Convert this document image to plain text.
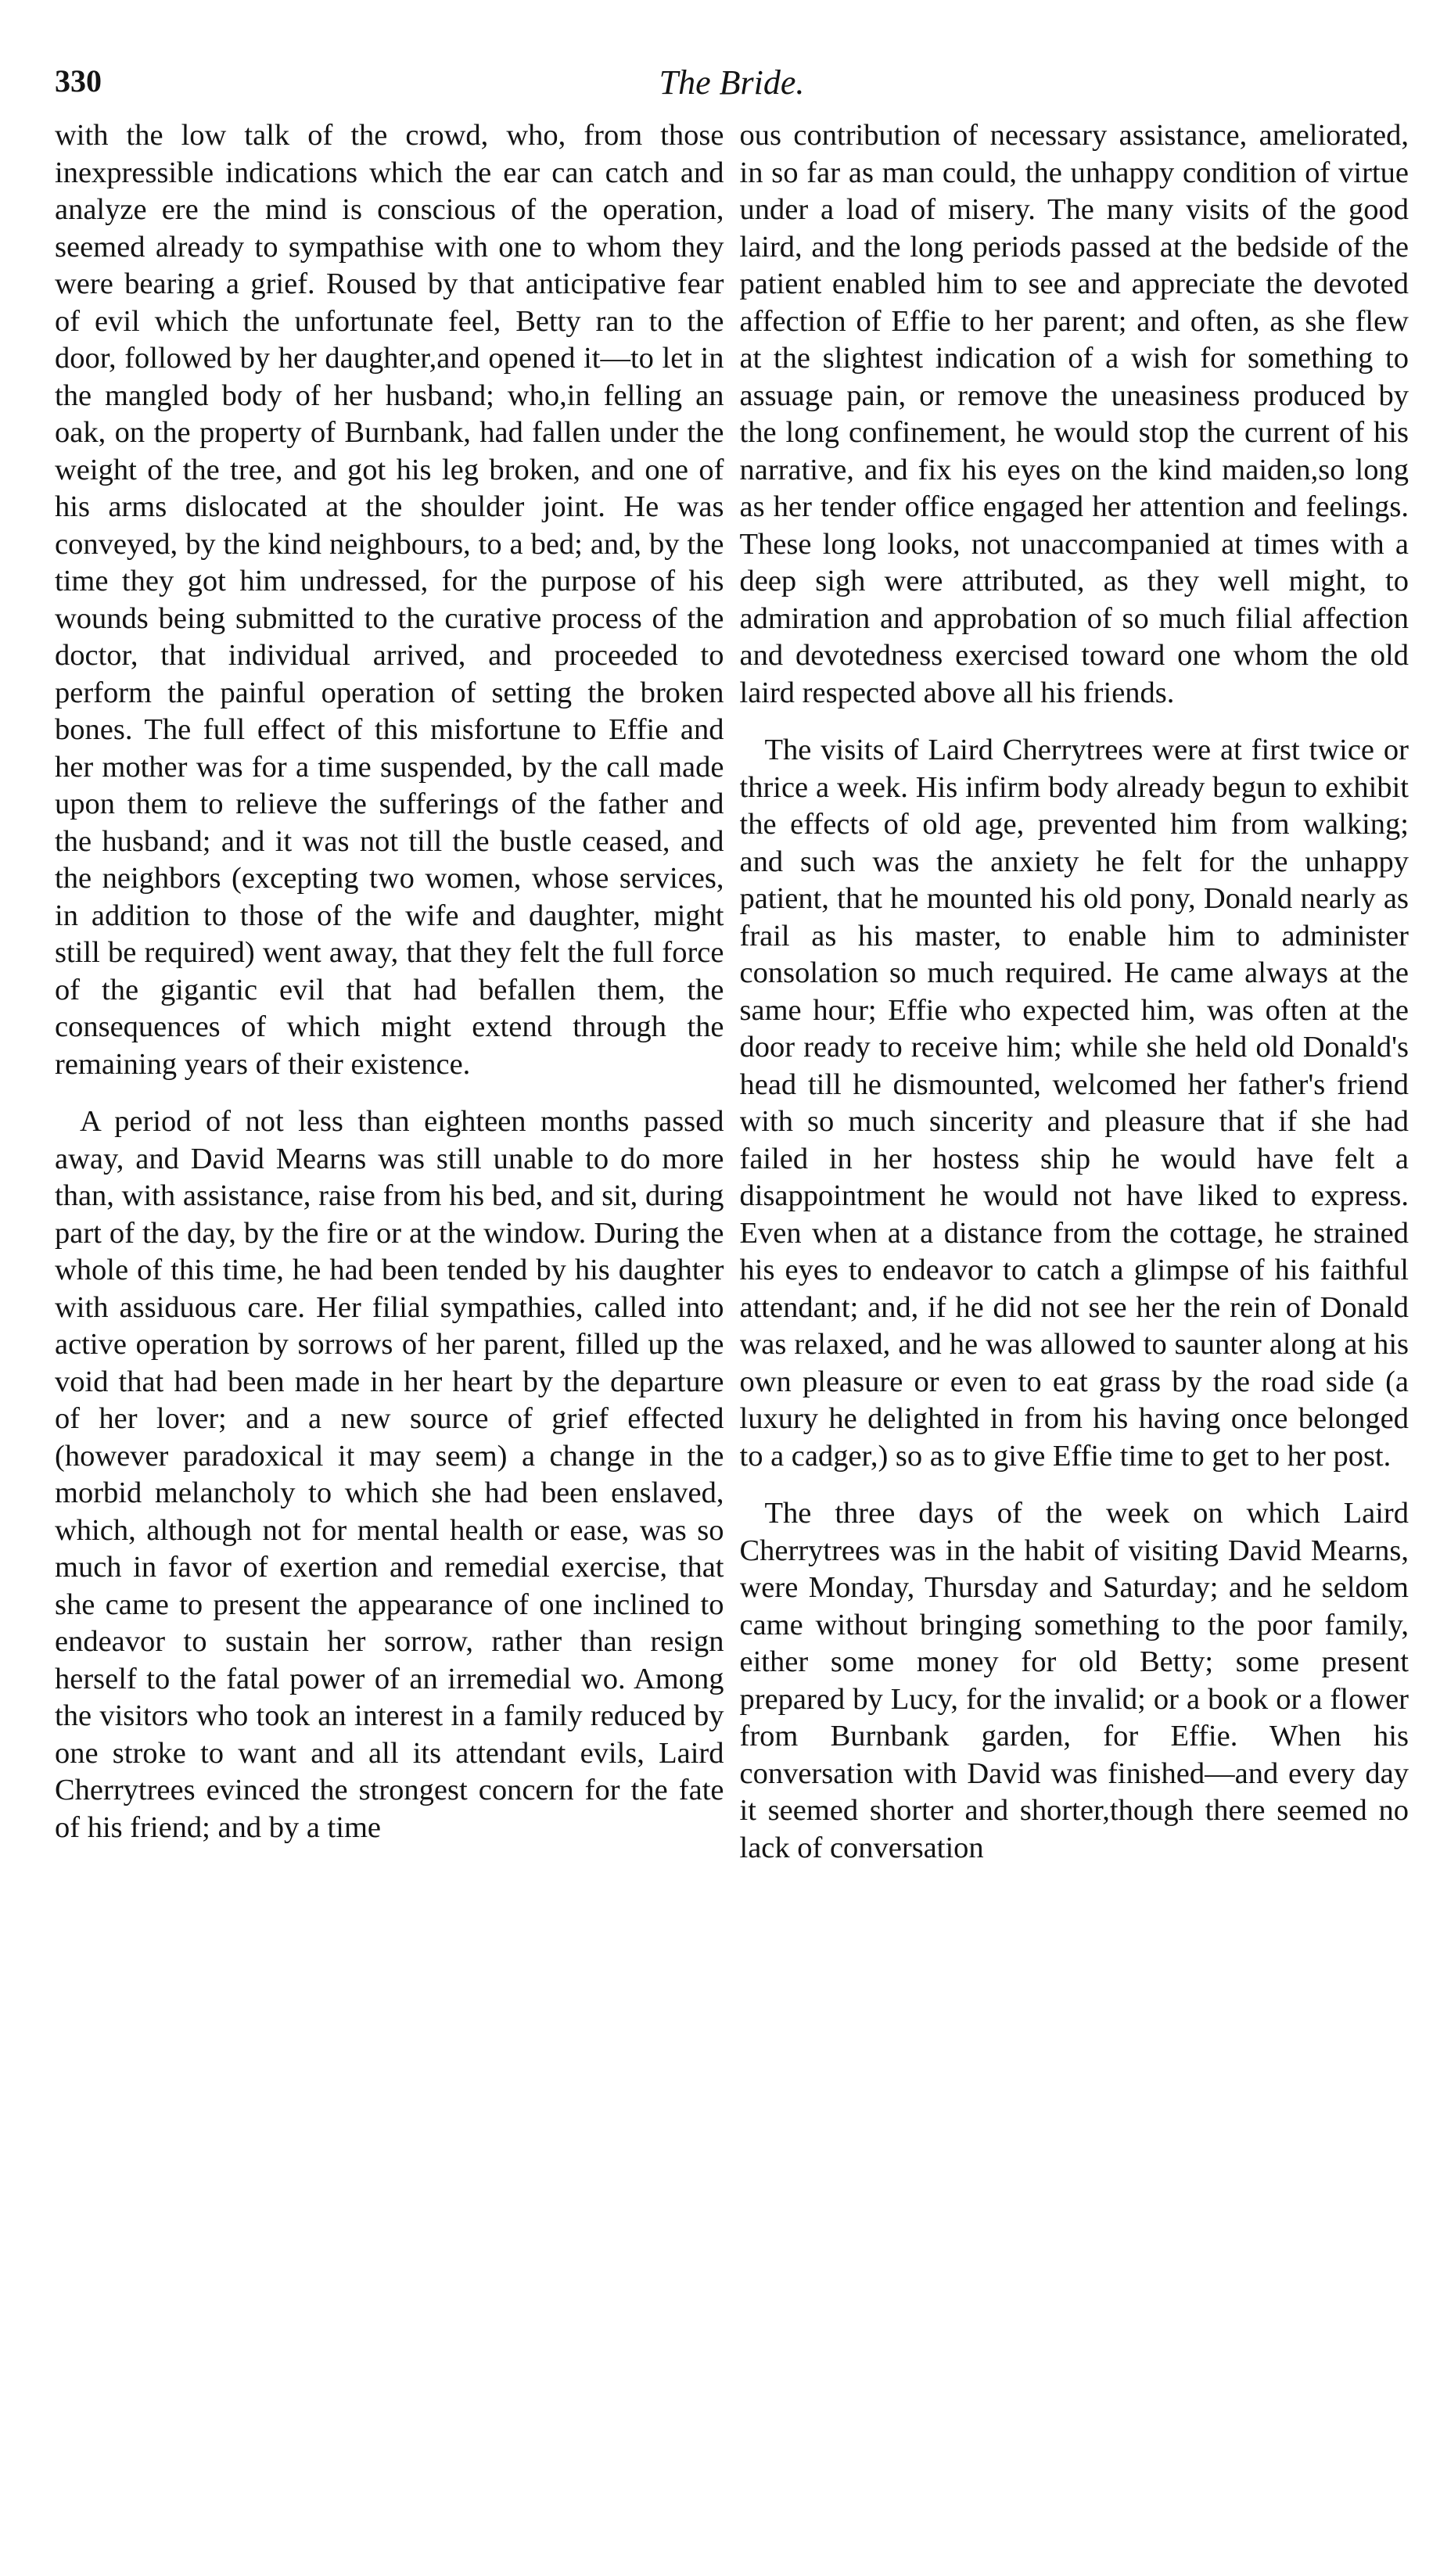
330	The Bride.

with the low talk of the crowd, who, from those inexpressible indications which the ear can catch and analyze ere the mind is conscious of the operation, seemed already to sympathise with one to whom they were bearing a grief. Roused by that anticipative fear of evil which the unfortunate feel, Betty ran to the door, followed by her daughter,and opened it—to let in the mangled body of her husband; who,in felling an oak, on the property of Burnbank, had fallen under the weight of the tree, and got his leg broken, and one of his arms dislocated at the shoulder joint. He was conveyed, by the kind neighbours, to a bed; and, by the time they got him undressed, for the purpose of his wounds being submitted to the curative process of the doctor, that individual arrived, and proceeded to perform the painful operation of setting the broken bones. The full effect of this misfortune to Effie and her mother was for a time suspended, by the call made upon them to relieve the sufferings of the father and the husband; and it was not till the bustle ceased, and the neighbors (excepting two women, whose services, in addition to those of the wife and daughter, might still be required) went away, that they felt the full force of the gigantic evil that had befallen them, the consequences of which might extend through the remaining years of their existence.

A period of not less than eighteen months passed away, and David Mearns was still unable to do more than, with assistance, raise from his bed, and sit, during part of the day, by the fire or at the window. During the whole of this time, he had been tended by his daughter with assiduous care. Her filial sympathies, called into active operation by sorrows of her parent, filled up the void that had been made in her heart by the departure of her lover; and a new source of grief effected (however paradoxical it may seem) a change in the morbid melancholy to which she had been enslaved, which, although not for mental health or ease, was so much in favor of exertion and remedial exercise, that she came to present the appearance of one inclined to endeavor to sustain her sorrow, rather than resign herself to the fatal power of an irremedial wo. Among the visitors who took an interest in a family reduced by one stroke to want and all its attendant evils, Laird Cherrytrees evinced the strongest concern for the fate of his friend; and by a time

ous contribution of necessary assistance, ameliorated, in so far as man could, the unhappy condition of virtue under a load of misery. The many visits of the good laird, and the long periods passed at the bedside of the patient enabled him to see and appreciate the devoted affection of Effie to her parent; and often, as she flew at the slightest indication of a wish for something to assuage pain, or remove the uneasiness produced by the long confinement, he would stop the current of his narrative, and fix his eyes on the kind maiden,so long as her tender office engaged her attention and feelings. These long looks, not unaccompanied at times with a deep sigh were attributed, as they well might, to admiration and approbation of so much filial affection and devotedness exercised toward one whom the old laird respected above all his friends.

The visits of Laird Cherrytrees were at first twice or thrice a week. His infirm body already begun to exhibit the effects of old age, prevented him from walking; and such was the anxiety he felt for the unhappy patient, that he mounted his old pony, Donald nearly as frail as his master, to enable him to administer consolation so much required. He came always at the same hour; Effie who expected him, was often at the door ready to receive him; while she held old Donald's head till he dismounted, welcomed her father's friend with so much sincerity and pleasure that if she had failed in her hostess ship he would have felt a disappointment he would not have liked to express. Even when at a distance from the cottage, he strained his eyes to endeavor to catch a glimpse of his faithful attendant; and, if he did not see her the rein of Donald was relaxed, and he was allowed to saunter along at his own pleasure or even to eat grass by the road side (a luxury he delighted in from his having once belonged to a cadger,) so as to give Effie time to get to her post.

The three days of the week on which Laird Cherrytrees was in the habit of visiting David Mearns, were Monday, Thursday and Saturday; and he seldom came without bringing something to the poor family, either some money for old Betty; some present prepared by Lucy, for the invalid; or a book or a flower from Burnbank garden, for Effie. When his conversation with David was finished—and every day it seemed shorter and shorter,though there seemed no lack of conversation
